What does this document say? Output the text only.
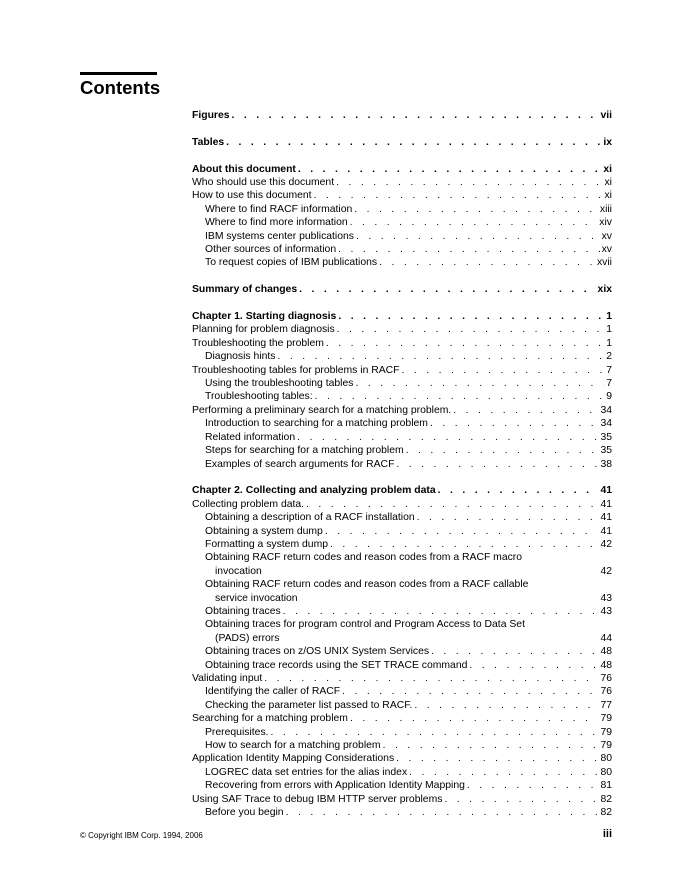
Contents
Figures . . .	vii
Tables . . .	ix
About this document . . .	xi
Who should use this document . . .	xi
How to use this document . . .	xi
Where to find RACF information . . .	xiii
Where to find more information . . .	xiv
IBM systems center publications . . .	xv
Other sources of information . . .	xv
To request copies of IBM publications . . .	xvii
Summary of changes . . .	xix
Chapter 1. Starting diagnosis . . .	1
Planning for problem diagnosis . . .	1
Troubleshooting the problem . . .	1
Diagnosis hints . . .	2
Troubleshooting tables for problems in RACF . . .	7
Using the troubleshooting tables . . .	7
Troubleshooting tables: . . .	9
Performing a preliminary search for a matching problem. . . .	34
Introduction to searching for a matching problem . . .	34
Related information . . .	35
Steps for searching for a matching problem . . .	35
Examples of search arguments for RACF . . .	38
Chapter 2. Collecting and analyzing problem data . . .	41
Collecting problem data. . . .	41
Obtaining a description of a RACF installation . . .	41
Obtaining a system dump . . .	41
Formatting a system dump . . .	42
Obtaining RACF return codes and reason codes from a RACF macro
invocation	42
Obtaining RACF return codes and reason codes from a RACF callable
service invocation	43
Obtaining traces . . .	43
Obtaining traces for program control and Program Access to Data Set
(PADS) errors	44
Obtaining traces on z/OS UNIX System Services . . .	48
Obtaining trace records using the SET TRACE command . . .	48
Validating input . . .	76
Identifying the caller of RACF . . .	76
Checking the parameter list passed to RACF. . . .	77
Searching for a matching problem . . .	79
Prerequisites. . . .	79
How to search for a matching problem . . .	79
Application Identity Mapping Considerations . . .	80
LOGREC data set entries for the alias index . . .	80
Recovering from errors with Application Identity Mapping . . .	81
Using SAF Trace to debug IBM HTTP server problems . . .	82
Before you begin . . .	82
© Copyright IBM Corp. 1994, 2006	iii
